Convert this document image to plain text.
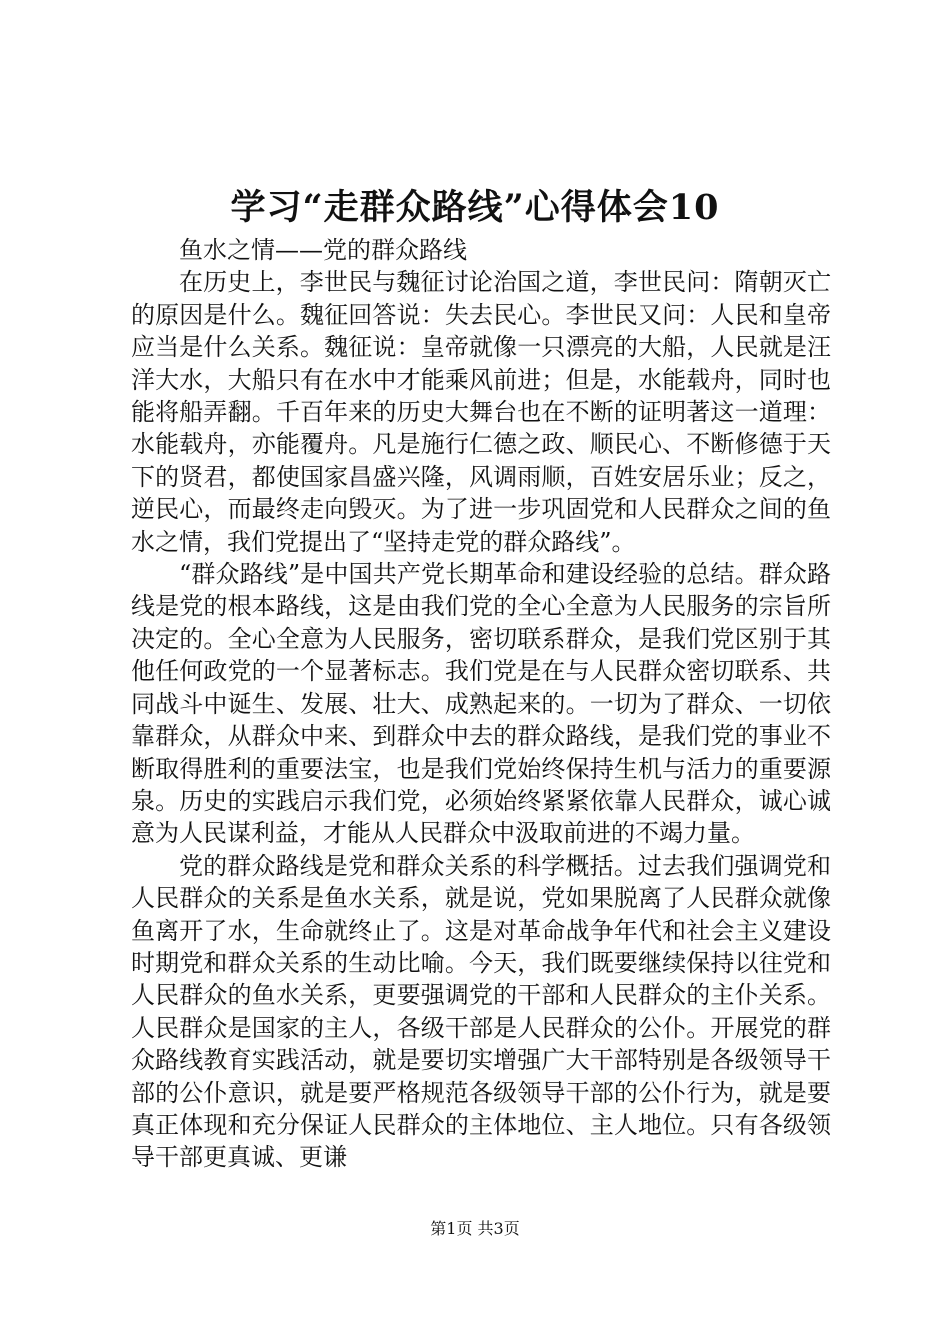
学习“走群众路线”心得体会10

鱼水之情——党的群众路线

在历史上，李世民与魏征讨论治国之道，李世民问：隋朝灭亡的原因是什么。魏征回答说：失去民心。李世民又问：人民和皇帝应当是什么关系。魏征说：皇帝就像一只漂亮的大船，人民就是汪洋大水，大船只有在水中才能乘风前进；但是，水能载舟，同时也能将船弄翻。千百年来的历史大舞台也在不断的证明著这一道理：水能载舟，亦能覆舟。凡是施行仁德之政、顺民心、不断修德于天下的贤君，都使国家昌盛兴隆，风调雨顺，百姓安居乐业；反之，逆民心，而最终走向毁灭。为了进一步巩固党和人民群众之间的鱼水之情，我们党提出了“坚持走党的群众路线”。

“群众路线”是中国共产党长期革命和建设经验的总结。群众路线是党的根本路线，这是由我们党的全心全意为人民服务的宗旨所决定的。全心全意为人民服务，密切联系群众，是我们党区别于其他任何政党的一个显著标志。我们党是在与人民群众密切联系、共同战斗中诞生、发展、壮大、成熟起来的。一切为了群众、一切依靠群众，从群众中来、到群众中去的群众路线，是我们党的事业不断取得胜利的重要法宝，也是我们党始终保持生机与活力的重要源泉。历史的实践启示我们党，必须始终紧紧依靠人民群众，诚心诚意为人民谋利益，才能从人民群众中汲取前进的不竭力量。

党的群众路线是党和群众关系的科学概括。过去我们强调党和人民群众的关系是鱼水关系，就是说，党如果脱离了人民群众就像鱼离开了水，生命就终止了。这是对革命战争年代和社会主义建设时期党和群众关系的生动比喻。今天，我们既要继续保持以往党和人民群众的鱼水关系，更要强调党的干部和人民群众的主仆关系。人民群众是国家的主人，各级干部是人民群众的公仆。开展党的群众路线教育实践活动，就是要切实增强广大干部特别是各级领导干部的公仆意识，就是要严格规范各级领导干部的公仆行为，就是要真正体现和充分保证人民群众的主体地位、主人地位。只有各级领导干部更真诚、更谦

第1页 共3页
